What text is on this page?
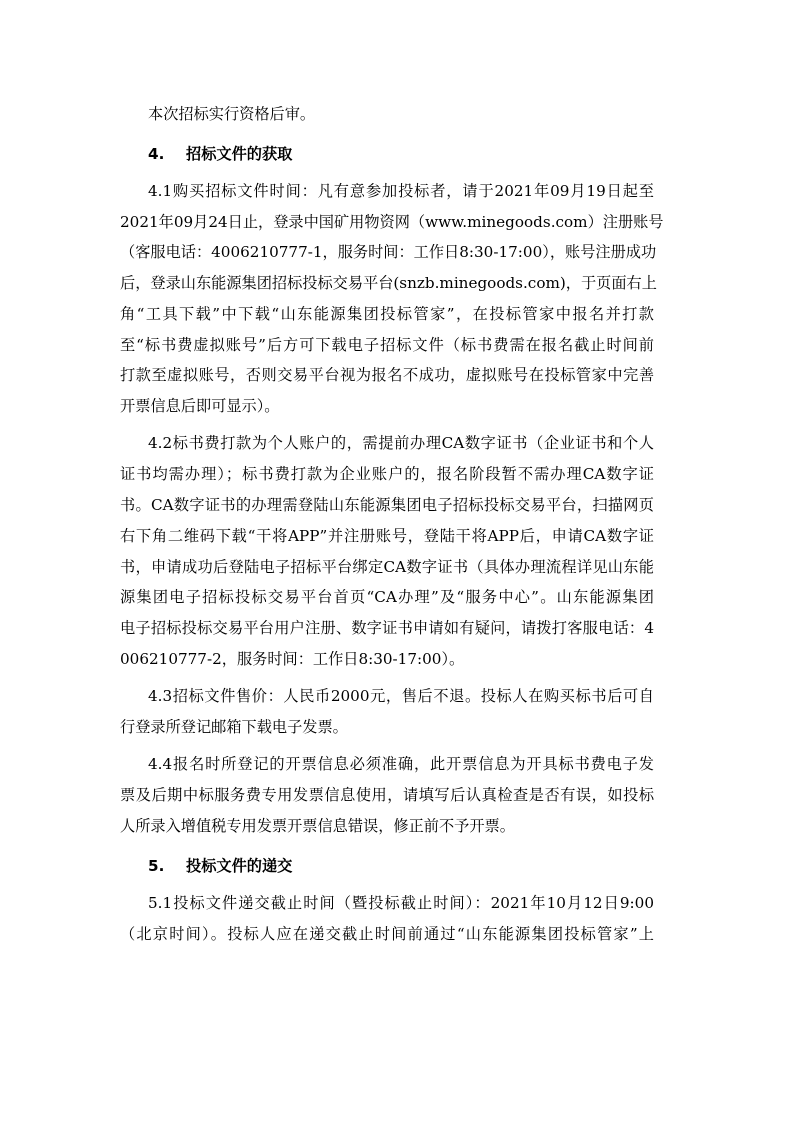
本次招标实行资格后审。
4. 招标文件的获取
4.1购买招标文件时间：凡有意参加投标者，请于2021年09月19日起至
2021年09月24日止，登录中国矿用物资网（www.minegoods.com）注册账号
（客服电话：4006210777-1，服务时间：工作日8:30-17:00），账号注册成功
后，登录山东能源集团招标投标交易平台(snzb.minegoods.com)，于页面右上
角“工具下载”中下载“山东能源集团投标管家”，在投标管家中报名并打款
至“标书费虚拟账号”后方可下载电子招标文件（标书费需在报名截止时间前
打款至虚拟账号，否则交易平台视为报名不成功，虚拟账号在投标管家中完善
开票信息后即可显示）。
4.2标书费打款为个人账户的，需提前办理CA数字证书（企业证书和个人
证书均需办理）；标书费打款为企业账户的，报名阶段暂不需办理CA数字证
书。CA数字证书的办理需登陆山东能源集团电子招标投标交易平台，扫描网页
右下角二维码下载“干将APP”并注册账号，登陆干将APP后，申请CA数字证
书，申请成功后登陆电子招标平台绑定CA数字证书（具体办理流程详见山东能
源集团电子招标投标交易平台首页“CA办理”及“服务中心”。山东能源集团
电子招标投标交易平台用户注册、数字证书申请如有疑问，请拨打客服电话：4
006210777-2，服务时间：工作日8:30-17:00）。
4.3招标文件售价：人民币2000元，售后不退。投标人在购买标书后可自
行登录所登记邮箱下载电子发票。
4.4报名时所登记的开票信息必须准确，此开票信息为开具标书费电子发
票及后期中标服务费专用发票信息使用，请填写后认真检查是否有误，如投标
人所录入增值税专用发票开票信息错误，修正前不予开票。
5. 投标文件的递交
5.1投标文件递交截止时间（暨投标截止时间）：2021年10月12日9:00
（北京时间）。投标人应在递交截止时间前通过“山东能源集团投标管家”上
